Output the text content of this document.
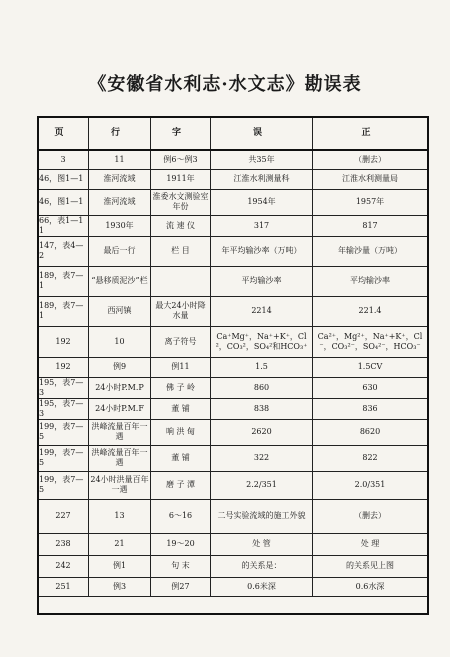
《安徽省水利志·水文志》勘误表
页	行	字	误	正
3	11	例6～例3	共35年	（删去）
46，图1—1	淮河流域	1911年	江淮水利测量科	江淮水利测量局
46，图1—1	淮河流域	淮委水文测验室年份	1954年	1957年
66，表1—11	1930年	流 速 仪	317	817
147，表4—2	最后一行	栏 目	年平均输沙率（万吨）	年输沙量（万吨）
189，表7—1	“悬移质泥沙”栏		平均输沙率	平均输沙率
189，表7—1	西河镇	最大24小时降水量	2214	221.4
192	10	离子符号	Ca⁺Mg⁺，Na⁺+K⁺，Cl²，CO₃²，SO₄²和HCO₃⁺	Ca²⁺，Mg²⁺，Na⁺+K⁺，Cl⁻，CO₃²⁻，SO₄²⁻，HCO₃⁻
192	例9	例11	1.5	1.5CV
195，表7—3	24小时P.M.P	佛 子 岭	860	630
195，表7—3	24小时P.M.F	董 铺	838	836
199，表7—5	洪峰流量百年一遇	响 洪 甸	2620	8620
199，表7—5	洪峰流量百年一遇	董 铺	322	822
199，表7—5	24小时洪量百年一遇	磨 子 潭	2.2/351	2.0/351
227	13	6～16	二号实验流域的施工外貌	（删去）
238	21	19～20	处 管	处 理
242	例1	句 末	的关系是：	的关系见上图
251	例3	例27	0.6米深	0.6水深
